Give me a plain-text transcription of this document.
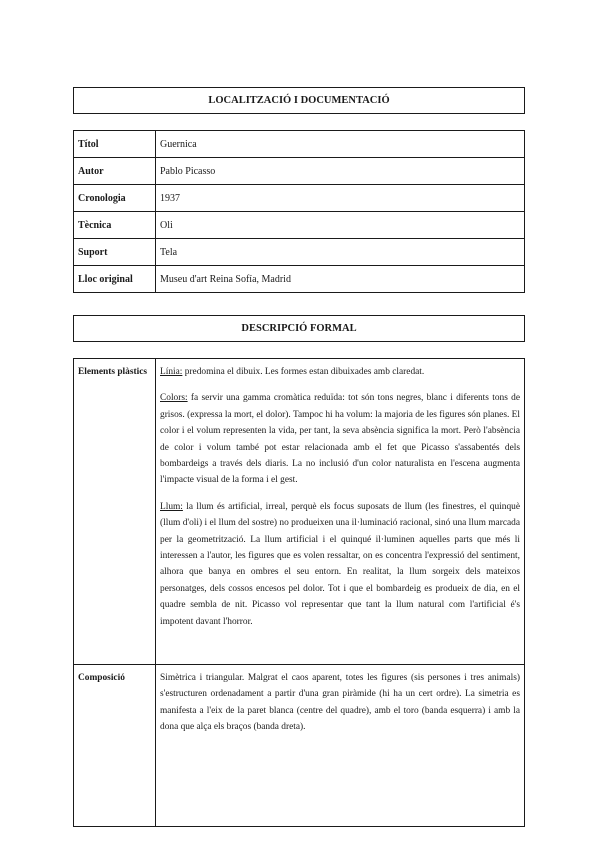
LOCALITZACIÓ I DOCUMENTACIÓ
Títol	Guernica
Autor	Pablo Picasso
Cronologia	1937
Tècnica	Oli
Suport	Tela
Lloc original	Museu d'art Reina Sofía, Madrid
DESCRIPCIÓ FORMAL
Elements plàstics	Línia: predomina el dibuix. Les formes estan dibuixades amb claredat.

Colors: fa servir una gamma cromàtica reduïda: tot són tons negres, blanc i diferents tons de grisos. (expressa la mort, el dolor). Tampoc hi ha volum: la majoria de les figures són planes. El color i el volum representen la vida, per tant, la seva absència significa la mort. Però l'absència de color i volum també pot estar relacionada amb el fet que Picasso s'assabentés dels bombardeigs a través dels diaris. La no inclusió d'un color naturalista en l'escena augmenta l'impacte visual de la forma i el gest.

Llum: la llum és artificial, irreal, perquè els focus suposats de llum (les finestres, el quinquè (llum d'oli) i el llum del sostre) no produeixen una il·luminació racional, sinó una llum marcada per la geometrització. La llum artificial i el quinqué il·luminen aquelles parts que més li interessen a l'autor, les figures que es volen ressaltar, on es concentra l'expressió del sentiment, alhora que banya en ombres el seu entorn. En realitat, la llum sorgeix dels mateixos personatges, dels cossos encesos pel dolor. Tot i que el bombardeig es produeix de dia, en el quadre sembla de nit. Picasso vol representar que tant la llum natural com l'artificial é's impotent davant l'horror.

Composició	Simètrica i triangular. Malgrat el caos aparent, totes les figures (sis persones i tres animals) s'estructuren ordenadament a partir d'una gran piràmide (hi ha un cert ordre). La simetria es manifesta a l'eix de la paret blanca (centre del quadre), amb el toro (banda esquerra) i amb la dona que alça els braços (banda dreta).
